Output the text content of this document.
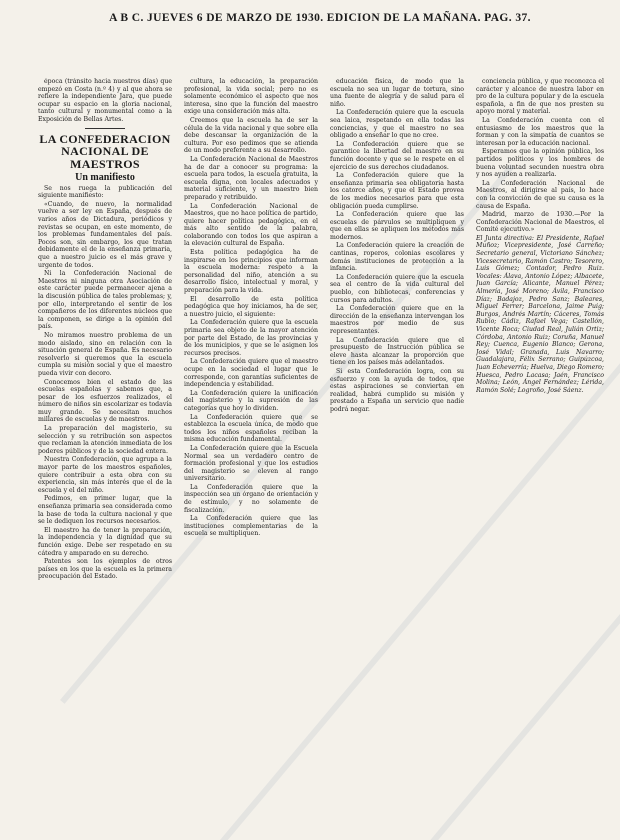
A B C. JUEVES 6 DE MARZO DE 1930. EDICION DE LA MAÑANA. PAG. 37.

época (tránsito hacia nuestros días) que empezó en Costa (n.º 4) y al que ahora se refiere la independiente Jara, que puede ocupar su espacio en la gloria nacional, tanto cultural y monumental como a la Exposición de Bellas Artes.

LA CONFEDERACION NACIONAL DE MAESTROS
Un manifiesto

Se nos ruega la publicación del siguiente manifiesto:

«Cuando, de nuevo, la normalidad vuelve a ser ley en España, después de varios años de Dictadura, periódicos y revistas se ocupan, en este momento, de los problemas fundamentales del país. Pocos son, sin embargo, los que tratan debidamente el de la enseñanza primaria, que a nuestro juicio es el más grave y urgente de todos.

Ni la Confederación Nacional de Maestros ni ninguna otra Asociación de este carácter puede permanecer ajena a la discusión pública de tales problemas; y, por ello, interpretando el sentir de los compañeros de los diferentes núcleos que la componen, se dirige a la opinión del país.

No miramos nuestro problema de un modo aislado, sino en relación con la situación general de España. Es necesario resolverlo si queremos que la escuela cumpla su misión social y que el maestro pueda vivir con decoro.

Conocemos bien el estado de las escuelas españolas y sabemos que, a pesar de los esfuerzos realizados, el número de niños sin escolarizar es todavía muy grande. Se necesitan muchos millares de escuelas y de maestros.

La preparación del magisterio, su selección y su retribución son aspectos que reclaman la atención inmediata de los poderes públicos y de la sociedad entera.

Nuestra Confederación, que agrupa a la mayor parte de los maestros españoles, quiere contribuir a esta obra con su experiencia, sin más interés que el de la escuela y el del niño.

Pedimos, en primer lugar, que la enseñanza primaria sea considerada como la base de toda la cultura nacional y que se le dediquen los recursos necesarios.

El maestro ha de tener la preparación, la independencia y la dignidad que su función exige. Debe ser respetado en su cátedra y amparado en su derecho.

Patentes son los ejemplos de otros países en los que la escuela es la primera preocupación del Estado.

cultura, la educación, la preparación profesional, la vida social; pero no es solamente económico el aspecto que nos interesa, sino que la función del maestro exige una consideración más alta.

Creemos que la escuela ha de ser la célula de la vida nacional y que sobre ella debe descansar la organización de la cultura. Por eso pedimos que se atienda de un modo preferente a su desarrollo.

La Confederación Nacional de Maestros ha de dar a conocer su programa: la escuela para todos, la escuela gratuita, la escuela digna, con locales adecuados y material suficiente, y un maestro bien preparado y retribuido.

La Confederación Nacional de Maestros, que no hace política de partido, quiere hacer política pedagógica, en el más alto sentido de la palabra, colaborando con todos los que aspiran a la elevación cultural de España.

Esta política pedagógica ha de inspirarse en los principios que informan la escuela moderna: respeto a la personalidad del niño, atención a su desarrollo físico, intelectual y moral, y preparación para la vida.

El desarrollo de esta política pedagógica que hoy iniciamos, ha de ser, a nuestro juicio, el siguiente:

La Confederación quiere que la escuela primaria sea objeto de la mayor atención por parte del Estado, de las provincias y de los municipios, y que se le asignen los recursos precisos.

La Confederación quiere que el maestro ocupe en la sociedad el lugar que le corresponde, con garantías suficientes de independencia y estabilidad.

La Confederación quiere la unificación del magisterio y la supresión de las categorías que hoy lo dividen.

La Confederación quiere que se establezca la escuela única, de modo que todos los niños españoles reciban la misma educación fundamental.

La Confederación quiere que la Escuela Normal sea un verdadero centro de formación profesional y que los estudios del magisterio se eleven al rango universitario.

La Confederación quiere que la inspección sea un órgano de orientación y de estímulo, y no solamente de fiscalización.

La Confederación quiere que las instituciones complementarias de la escuela se multipliquen.

educación física, de modo que la escuela no sea un lugar de tortura, sino una fuente de alegría y de salud para el niño.

La Confederación quiere que la escuela sea laica, respetando en ella todas las conciencias, y que el maestro no sea obligado a enseñar lo que no cree.

La Confederación quiere que se garantice la libertad del maestro en su función docente y que se le respete en el ejercicio de sus derechos ciudadanos.

La Confederación quiere que la enseñanza primaria sea obligatoria hasta los catorce años, y que el Estado provea de los medios necesarios para que esta obligación pueda cumplirse.

La Confederación quiere que las escuelas de párvulos se multipliquen y que en ellas se apliquen los métodos más modernos.

La Confederación quiere la creación de cantinas, roperos, colonias escolares y demás instituciones de protección a la infancia.

La Confederación quiere que la escuela sea el centro de la vida cultural del pueblo, con bibliotecas, conferencias y cursos para adultos.

La Confederación quiere que en la dirección de la enseñanza intervengan los maestros por medio de sus representantes.

La Confederación quiere que el presupuesto de Instrucción pública se eleve hasta alcanzar la proporción que tiene en los países más adelantados.

Si esta Confederación logra, con su esfuerzo y con la ayuda de todos, que estas aspiraciones se conviertan en realidad, habrá cumplido su misión y prestado a España un servicio que nadie podrá negar.

conciencia pública, y que reconozca el carácter y alcance de nuestra labor en pro de la cultura popular y de la escuela española, a fin de que nos presten su apoyo moral y material.

La Confederación cuenta con el entusiasmo de los maestros que la forman y con la simpatía de cuantos se interesan por la educación nacional.

Esperamos que la opinión pública, los partidos políticos y los hombres de buena voluntad secunden nuestra obra y nos ayuden a realizarla.

La Confederación Nacional de Maestros, al dirigirse al país, lo hace con la convicción de que su causa es la causa de España.

Madrid, marzo de 1930.—Por la Confederación Nacional de Maestros, el Comité ejecutivo.»

El Junta directiva: El Presidente, Rafael Muñoz; Vicepresidente, José Carreño; Secretario general, Victoriano Sánchez; Vicesecretario, Ramón Castro; Tesorero, Luis Gómez; Contador, Pedro Ruiz. Vocales: Álava, Antonio López; Albacete, Juan García; Alicante, Manuel Pérez; Almería, José Moreno; Ávila, Francisco Díaz; Badajoz, Pedro Sanz; Baleares, Miguel Ferrer; Barcelona, Jaime Puig; Burgos, Andrés Martín; Cáceres, Tomás Rubio; Cádiz, Rafael Vega; Castellón, Vicente Roca; Ciudad Real, Julián Ortiz; Córdoba, Antonio Ruiz; Coruña, Manuel Rey; Cuenca, Eugenio Blanco; Gerona, José Vidal; Granada, Luis Navarro; Guadalajara, Félix Serrano; Guipúzcoa, Juan Echeverría; Huelva, Diego Romero; Huesca, Pedro Lacasa; Jaén, Francisco Molina; León, Ángel Fernández; Lérida, Ramón Solé; Logroño, José Sáenz.
